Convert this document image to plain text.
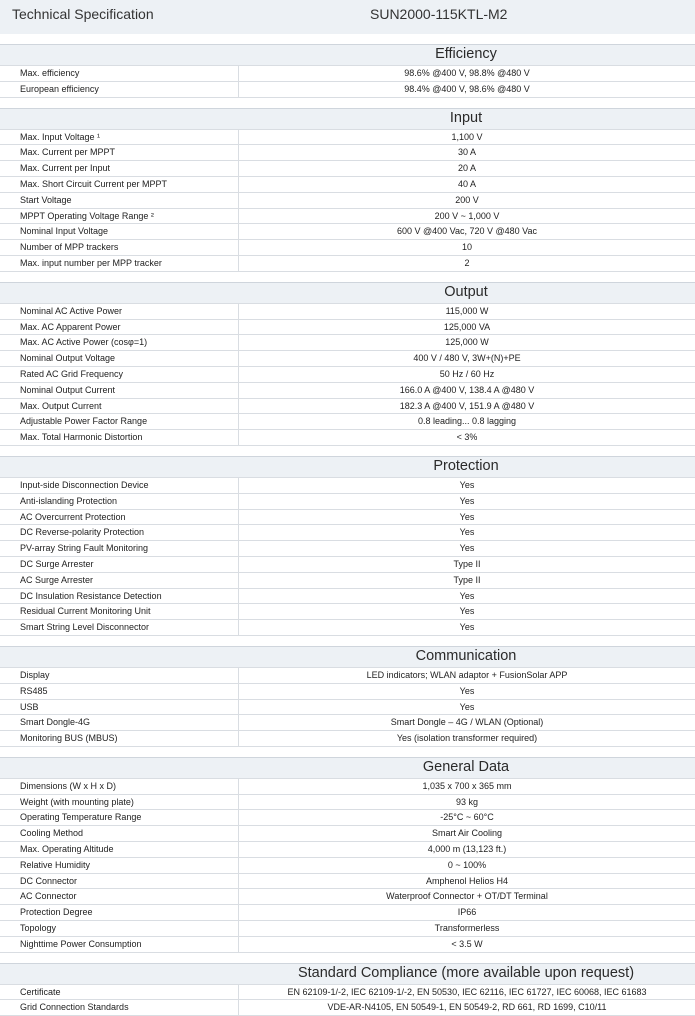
Technical Specification	SUN2000-115KTL-M2
Efficiency
Max. efficiency	98.6% @400 V, 98.8% @480 V
European efficiency	98.4% @400 V, 98.6% @480 V
Input
Max. Input Voltage ¹	1,100 V
Max. Current per MPPT	30 A
Max. Current per Input	20 A
Max. Short Circuit Current per MPPT	40 A
Start Voltage	200 V
MPPT Operating Voltage Range ²	200 V ~ 1,000 V
Nominal Input Voltage	600 V @400 Vac, 720 V @480 Vac
Number of MPP trackers	10
Max. input number per MPP tracker	2
Output
Nominal AC Active Power	115,000 W
Max. AC Apparent Power	125,000 VA
Max. AC Active Power (cosφ=1)	125,000 W
Nominal Output Voltage	400 V / 480 V, 3W+(N)+PE
Rated AC Grid Frequency	50 Hz / 60 Hz
Nominal Output Current	166.0 A @400 V, 138.4 A @480 V
Max. Output Current	182.3 A @400 V, 151.9 A @480 V
Adjustable Power Factor Range	0.8 leading... 0.8 lagging
Max. Total Harmonic Distortion	< 3%
Protection
Input-side Disconnection Device	Yes
Anti-islanding Protection	Yes
AC Overcurrent Protection	Yes
DC Reverse-polarity Protection	Yes
PV-array String Fault Monitoring	Yes
DC Surge Arrester	Type II
AC Surge Arrester	Type II
DC Insulation Resistance Detection	Yes
Residual Current Monitoring Unit	Yes
Smart String Level Disconnector	Yes
Communication
Display	LED indicators; WLAN adaptor + FusionSolar APP
RS485	Yes
USB	Yes
Smart Dongle-4G	Smart Dongle – 4G / WLAN (Optional)
Monitoring BUS (MBUS)	Yes (isolation transformer required)
General Data
Dimensions (W x H x D)	1,035 x 700 x 365 mm
Weight (with mounting plate)	93 kg
Operating Temperature Range	-25°C ~ 60°C
Cooling Method	Smart Air Cooling
Max. Operating Altitude	4,000 m (13,123 ft.)
Relative Humidity	0 ~ 100%
DC Connector	Amphenol Helios H4
AC Connector	Waterproof Connector + OT/DT Terminal
Protection Degree	IP66
Topology	Transformerless
Nighttime Power Consumption	< 3.5 W
Standard Compliance (more available upon request)
Certificate	EN 62109-1/-2, IEC 62109-1/-2, EN 50530, IEC 62116, IEC 61727, IEC 60068, IEC 61683
Grid Connection Standards	VDE-AR-N4105, EN 50549-1, EN 50549-2, RD 661, RD 1699, C10/11
